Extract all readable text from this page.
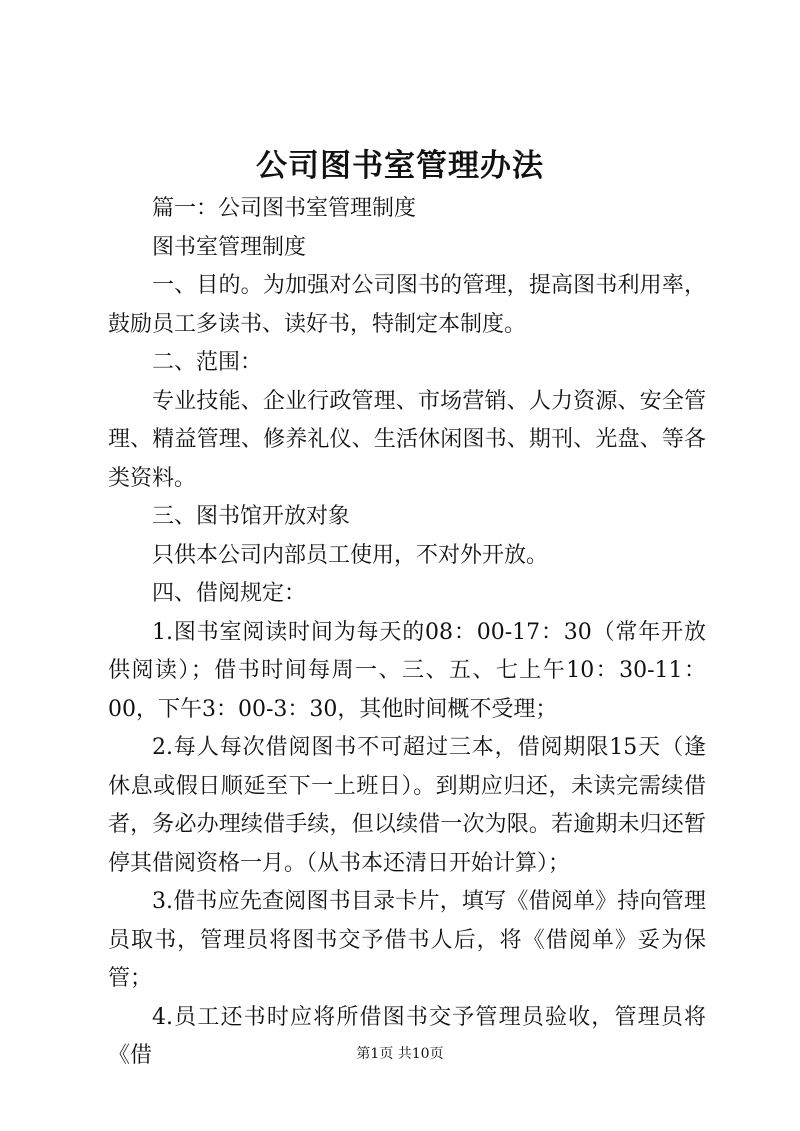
公司图书室管理办法

篇一：公司图书室管理制度

图书室管理制度

一、目的。为加强对公司图书的管理，提高图书利用率，鼓励员工多读书、读好书，特制定本制度。

二、范围：

专业技能、企业行政管理、市场营销、人力资源、安全管理、精益管理、修养礼仪、生活休闲图书、期刊、光盘、等各类资料。

三、图书馆开放对象

只供本公司内部员工使用，不对外开放。

四、借阅规定：

1.图书室阅读时间为每天的08：00-17：30（常年开放供阅读）；借书时间每周一、三、五、七上午10：30-11：00，下午3：00-3：30，其他时间概不受理；

2.每人每次借阅图书不可超过三本，借阅期限15天（逢休息或假日顺延至下一上班日）。到期应归还，未读完需续借者，务必办理续借手续，但以续借一次为限。若逾期未归还暂停其借阅资格一月。（从书本还清日开始计算）；

3.借书应先查阅图书目录卡片，填写《借阅单》持向管理员取书，管理员将图书交予借书人后，将《借阅单》妥为保管；

4.员工还书时应将所借图书交予管理员验收，管理员将《借	第1页 共10页
